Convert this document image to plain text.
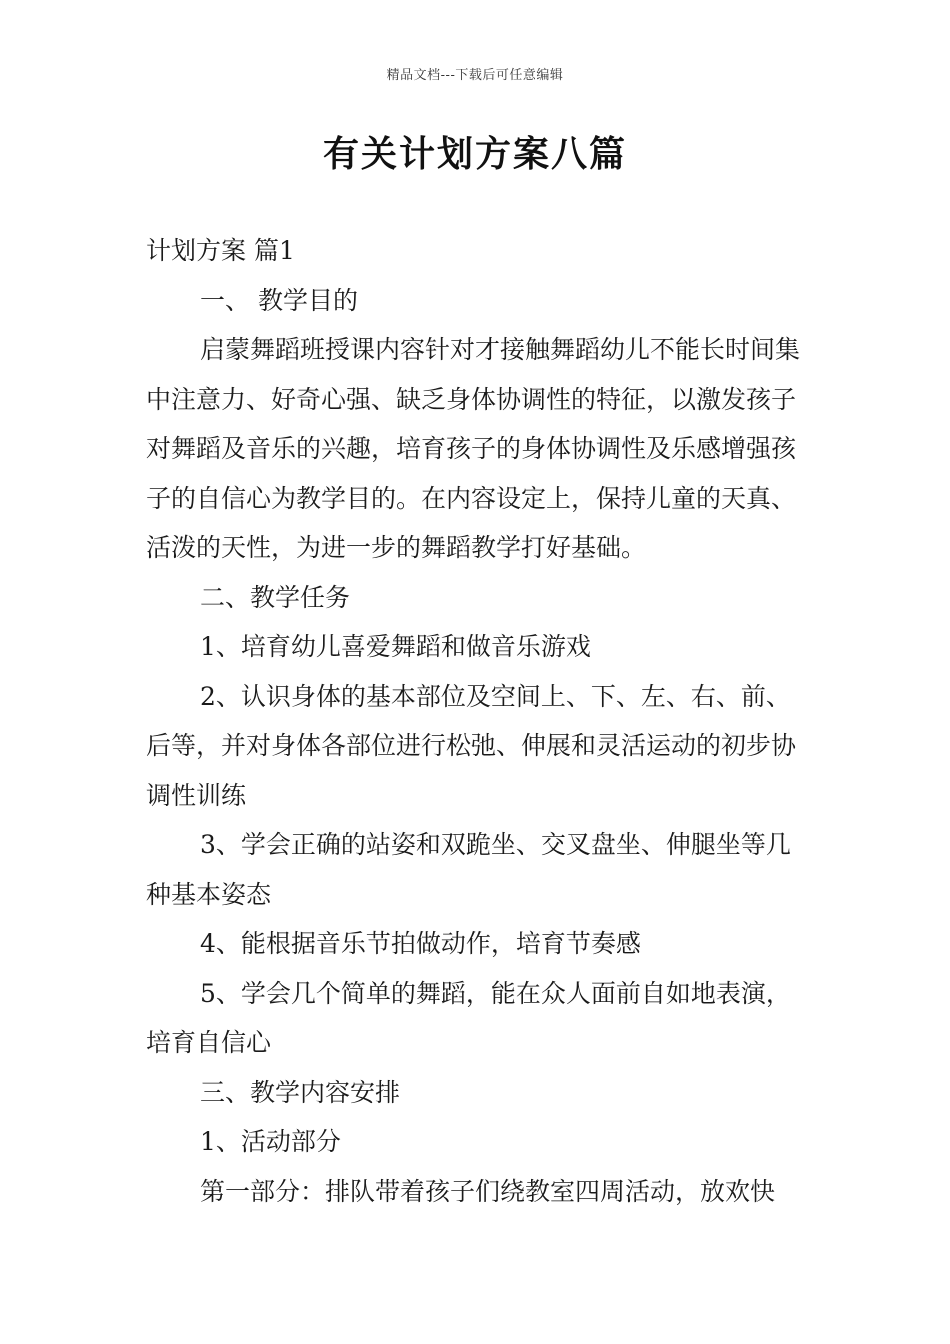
精品文档---下载后可任意编辑
有关计划方案八篇

计划方案 篇1

一、 教学目的

启蒙舞蹈班授课内容针对才接触舞蹈幼儿不能长时间集中注意力、好奇心强、缺乏身体协调性的特征，以激发孩子对舞蹈及音乐的兴趣，培育孩子的身体协调性及乐感增强孩子的自信心为教学目的。在内容设定上，保持儿童的天真、活泼的天性，为进一步的舞蹈教学打好基础。

二、教学任务

1、培育幼儿喜爱舞蹈和做音乐游戏

2、认识身体的基本部位及空间上、下、左、右、前、后等，并对身体各部位进行松弛、伸展和灵活运动的初步协调性训练

3、学会正确的站姿和双跪坐、交叉盘坐、伸腿坐等几种基本姿态

4、能根据音乐节拍做动作，培育节奏感

5、学会几个简单的舞蹈，能在众人面前自如地表演，培育自信心

三、教学内容安排

1、活动部分

第一部分：排队带着孩子们绕教室四周活动，放欢快
